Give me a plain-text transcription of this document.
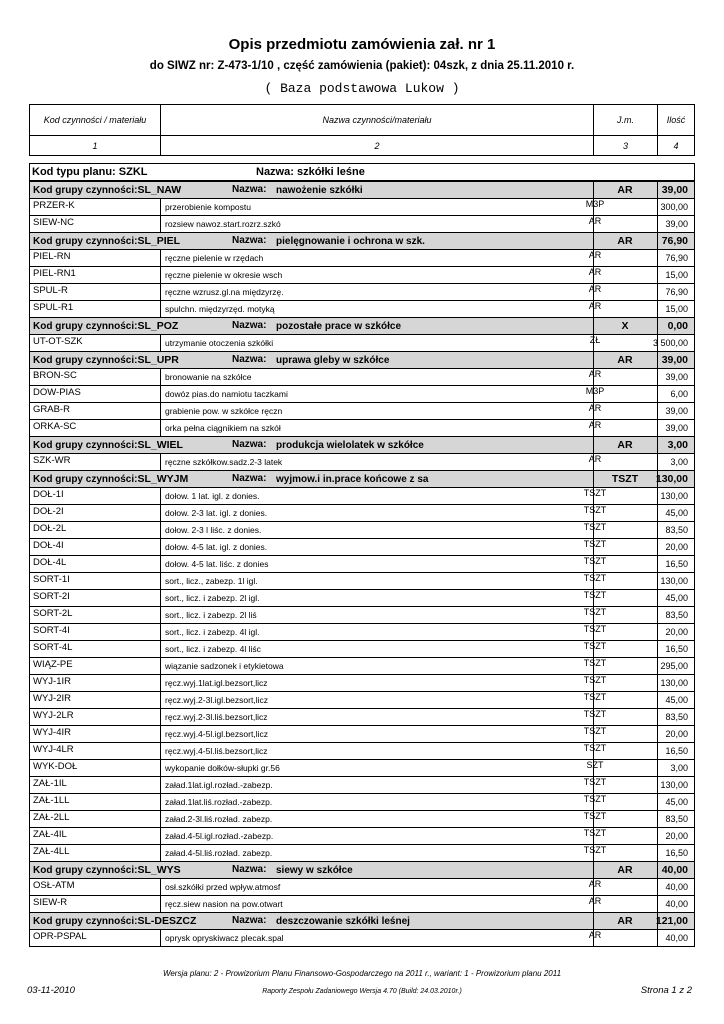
Opis przedmiotu zamówienia zał. nr 1
do SIWZ nr: Z-473-1/10 , część zamówienia (pakiet): 04szk, z dnia 25.11.2010 r.
( Baza podstawowa Lukow )
Kod czynności / materiału	Nazwa czynności/materiału	J.m.	Ilość
1	2	3	4
Kod typu planu: SZKL	Nazwa: szkółki leśne
Kod grupy czynności:SL_NAW	Nazwa: nawożenie szkółki	AR	39,00
PRZER-K	przerobienie kompostu	M3P	300,00
SIEW-NC	rozsiew nawoz.start.rozrz.szkó	AR	39,00
Kod grupy czynności:SL_PIEL	Nazwa: pielęgnowanie i ochrona w szk.	AR	76,90
PIEL-RN	ręczne pielenie w rzędach	AR	76,90
PIEL-RN1	ręczne pielenie w okresie wsch	AR	15,00
SPUL-R	ręczne wzrusz.gl.na międzyrzę.	AR	76,90
SPUL-R1	spulchn. międzyrzęd. motyką	AR	15,00
Kod grupy czynności:SL_POZ	Nazwa: pozostałe prace w szkółce	X	0,00
UT-OT-SZK	utrzymanie otoczenia szkółki	ZŁ	3 500,00
Kod grupy czynności:SL_UPR	Nazwa: uprawa gleby w szkółce	AR	39,00
BRON-SC	bronowanie na szkółce	AR	39,00
DOW-PIAS	dowóz pias.do namiotu taczkami	M3P	6,00
GRAB-R	grabienie pow. w szkółce ręczn	AR	39,00
ORKA-SC	orka pełna ciągnikiem na szkół	AR	39,00
Kod grupy czynności:SL_WIEL	Nazwa: produkcja wielolatek w szkółce	AR	3,00
SZK-WR	ręczne szkółkow.sadz.2-3 latek	AR	3,00
Kod grupy czynności:SL_WYJM	Nazwa: wyjmow.i in.prace końcowe z sa	TSZT	130,00
DOŁ-1I	dołow. 1 lat. igl. z donies.	TSZT	130,00
DOŁ-2I	dołow. 2-3 lat. igl. z donies.	TSZT	45,00
DOŁ-2L	dołow. 2-3 l liśc. z donies.	TSZT	83,50
DOŁ-4I	dołow. 4-5 lat. igl. z donies.	TSZT	20,00
DOŁ-4L	dołow. 4-5 lat. liśc. z donies	TSZT	16,50
SORT-1I	sort., licz., zabezp. 1l igl.	TSZT	130,00
SORT-2I	sort., licz. i zabezp. 2l igl.	TSZT	45,00
SORT-2L	sort., licz. i zabezp. 2l liś	TSZT	83,50
SORT-4I	sort., licz. i zabezp. 4l igl.	TSZT	20,00
SORT-4L	sort., licz. i zabezp. 4l liśc	TSZT	16,50
WIĄZ-PE	wiązanie sadzonek i etykietowa	TSZT	295,00
WYJ-1IR	ręcz.wyj.1lat.igl.bezsort,licz	TSZT	130,00
WYJ-2IR	ręcz.wyj.2-3l.igl.bezsort,licz	TSZT	45,00
WYJ-2LR	ręcz.wyj.2-3l.liś.bezsort,licz	TSZT	83,50
WYJ-4IR	ręcz.wyj.4-5l.igl.bezsort,licz	TSZT	20,00
WYJ-4LR	ręcz.wyj.4-5l.liś.bezsort,licz	TSZT	16,50
WYK-DOŁ	wykopanie dołków-słupki gr.56	SZT	3,00
ZAŁ-1IL	załad.1lat.igl.rozład.-zabezp.	TSZT	130,00
ZAŁ-1LL	załad.1lat.liś.rozład.-zabezp.	TSZT	45,00
ZAŁ-2LL	załad.2-3l.liś.rozład. zabezp.	TSZT	83,50
ZAŁ-4IL	załad.4-5l.igl.rozład.-zabezp.	TSZT	20,00
ZAŁ-4LL	załad.4-5l.liś.rozład. zabezp.	TSZT	16,50
Kod grupy czynności:SL_WYS	Nazwa: siewy w szkółce	AR	40,00
OSŁ-ATM	osł.szkółki przed wpływ.atmosf	AR	40,00
SIEW-R	ręcz.siew nasion na pow.otwart	AR	40,00
Kod grupy czynności:SL-DESZCZ	Nazwa: deszczowanie szkółki leśnej	AR	121,00
OPR-PSPAL	oprysk opryskiwacz plecak.spal	AR	40,00
Wersja planu: 2 - Prowizorium Planu Finansowo-Gospodarczego na 2011 r., wariant: 1 - Prowizorium planu 2011
03-11-2010	Raporty Zespołu Zadaniowego Wersja 4.70 (Build: 24.03.2010r.)	Strona 1 z 2
